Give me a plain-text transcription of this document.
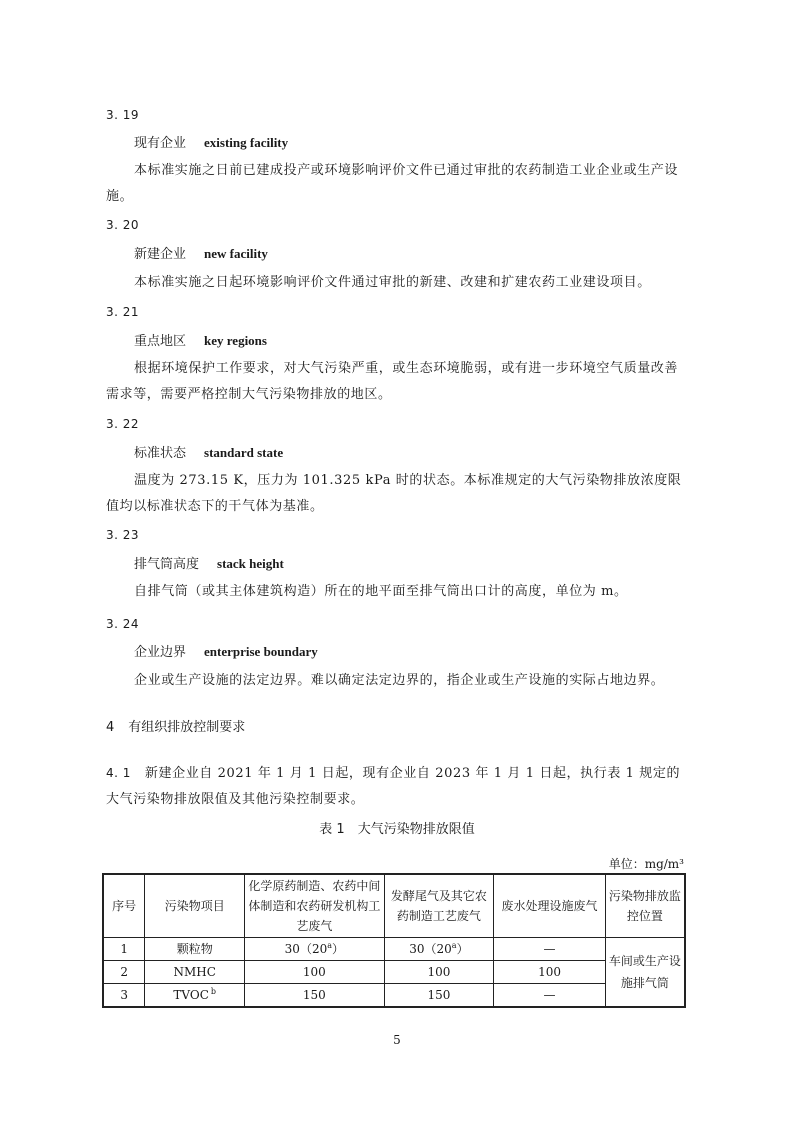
3. 19
现有企业 existing facility
本标准实施之日前已建成投产或环境影响评价文件已通过审批的农药制造工业企业或生产设施。
3. 20
新建企业 new facility
本标准实施之日起环境影响评价文件通过审批的新建、改建和扩建农药工业建设项目。
3. 21
重点地区 key regions
根据环境保护工作要求，对大气污染严重，或生态环境脆弱，或有进一步环境空气质量改善需求等，需要严格控制大气污染物排放的地区。
3. 22
标准状态 standard state
温度为 273.15 K，压力为 101.325 kPa 时的状态。本标准规定的大气污染物排放浓度限值均以标准状态下的干气体为基准。
3. 23
排气筒高度 stack height
自排气筒（或其主体建筑构造）所在的地平面至排气筒出口计的高度，单位为 m。
3. 24
企业边界 enterprise boundary
企业或生产设施的法定边界。难以确定法定边界的，指企业或生产设施的实际占地边界。
4 有组织排放控制要求
4. 1 新建企业自 2021 年 1 月 1 日起，现有企业自 2023 年 1 月 1 日起，执行表 1 规定的大气污染物排放限值及其他污染控制要求。
表 1　大气污染物排放限值
单位：mg/m³
序号	污染物项目	化学原药制造、农药中间体制造和农药研发机构工艺废气	发酵尾气及其它农药制造工艺废气	废水处理设施废气	污染物排放监控位置
1	颗粒物	30（20$^a$）	30（20$^a$）	—	车间或生产设施排气筒
2	NMHC	100	100	100	
3	TVOC $^b$	150	150	—	
5
